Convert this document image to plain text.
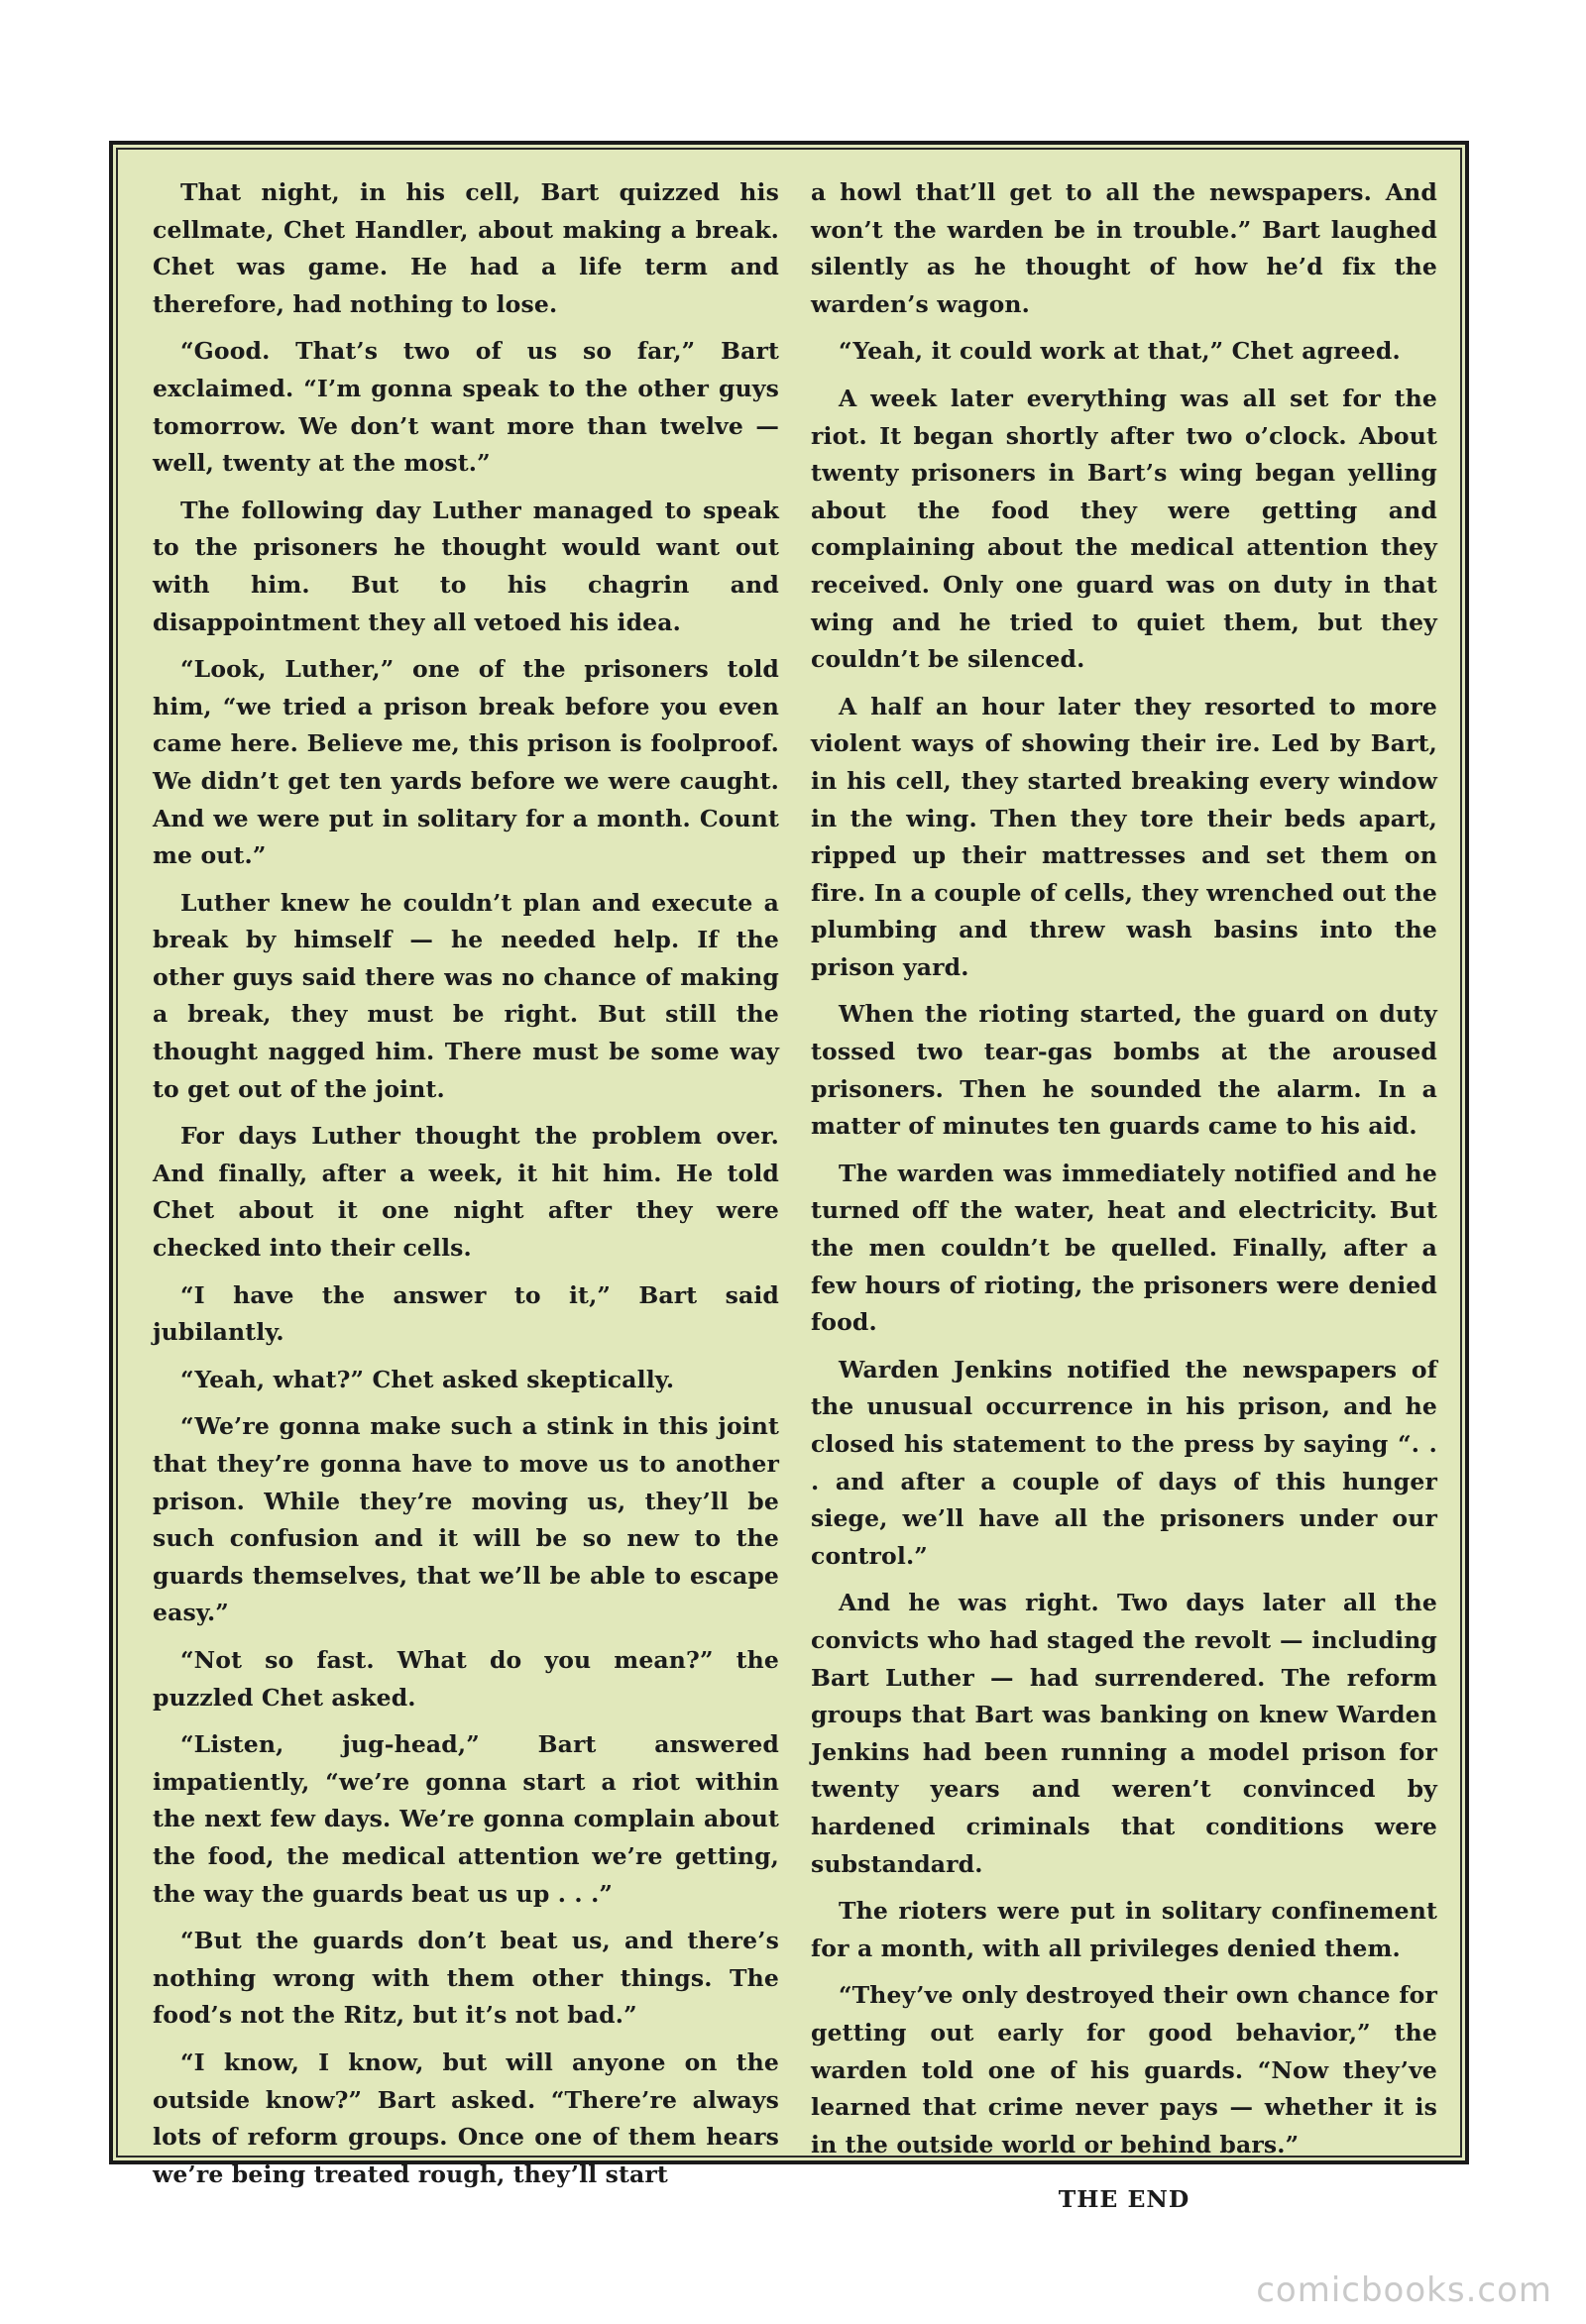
That night, in his cell, Bart quizzed his cellmate, Chet Handler, about making a break. Chet was game. He had a life term and therefore, had nothing to lose.

“Good. That’s two of us so far,” Bart exclaimed. “I’m gonna speak to the other guys tomorrow. We don’t want more than twelve — well, twenty at the most.”

The following day Luther managed to speak to the prisoners he thought would want out with him. But to his chagrin and disappointment they all vetoed his idea.

“Look, Luther,” one of the prisoners told him, “we tried a prison break before you even came here. Believe me, this prison is foolproof. We didn’t get ten yards before we were caught. And we were put in solitary for a month. Count me out.”

Luther knew he couldn’t plan and execute a break by himself — he needed help. If the other guys said there was no chance of making a break, they must be right. But still the thought nagged him. There must be some way to get out of the joint.

For days Luther thought the problem over. And finally, after a week, it hit him. He told Chet about it one night after they were checked into their cells.

“I have the answer to it,” Bart said jubilantly.

“Yeah, what?” Chet asked skeptically.

“We’re gonna make such a stink in this joint that they’re gonna have to move us to another prison. While they’re moving us, they’ll be such confusion and it will be so new to the guards themselves, that we’ll be able to escape easy.”

“Not so fast. What do you mean?” the puzzled Chet asked.

“Listen, jug-head,” Bart answered impatiently, “we’re gonna start a riot within the next few days. We’re gonna complain about the food, the medical attention we’re getting, the way the guards beat us up . . .”

“But the guards don’t beat us, and there’s nothing wrong with them other things. The food’s not the Ritz, but it’s not bad.”

“I know, I know, but will anyone on the outside know?” Bart asked. “There’re always lots of reform groups. Once one of them hears we’re being treated rough, they’ll start

a howl that’ll get to all the newspapers. And won’t the warden be in trouble.” Bart laughed silently as he thought of how he’d fix the warden’s wagon.

“Yeah, it could work at that,” Chet agreed.

A week later everything was all set for the riot. It began shortly after two o’clock. About twenty prisoners in Bart’s wing began yelling about the food they were getting and complaining about the medical attention they received. Only one guard was on duty in that wing and he tried to quiet them, but they couldn’t be silenced.

A half an hour later they resorted to more violent ways of showing their ire. Led by Bart, in his cell, they started breaking every window in the wing. Then they tore their beds apart, ripped up their mattresses and set them on fire. In a couple of cells, they wrenched out the plumbing and threw wash basins into the prison yard.

When the rioting started, the guard on duty tossed two tear-gas bombs at the aroused prisoners. Then he sounded the alarm. In a matter of minutes ten guards came to his aid.

The warden was immediately notified and he turned off the water, heat and electricity. But the men couldn’t be quelled. Finally, after a few hours of rioting, the prisoners were denied food.

Warden Jenkins notified the newspapers of the unusual occurrence in his prison, and he closed his statement to the press by saying “. . . and after a couple of days of this hunger siege, we’ll have all the prisoners under our control.”

And he was right. Two days later all the convicts who had staged the revolt — including Bart Luther — had surrendered. The reform groups that Bart was banking on knew Warden Jenkins had been running a model prison for twenty years and weren’t convinced by hardened criminals that conditions were substandard.

The rioters were put in solitary confinement for a month, with all privileges denied them.

“They’ve only destroyed their own chance for getting out early for good behavior,” the warden told one of his guards. “Now they’ve learned that crime never pays — whether it is in the outside world or behind bars.”

THE END

comicbooks.com
